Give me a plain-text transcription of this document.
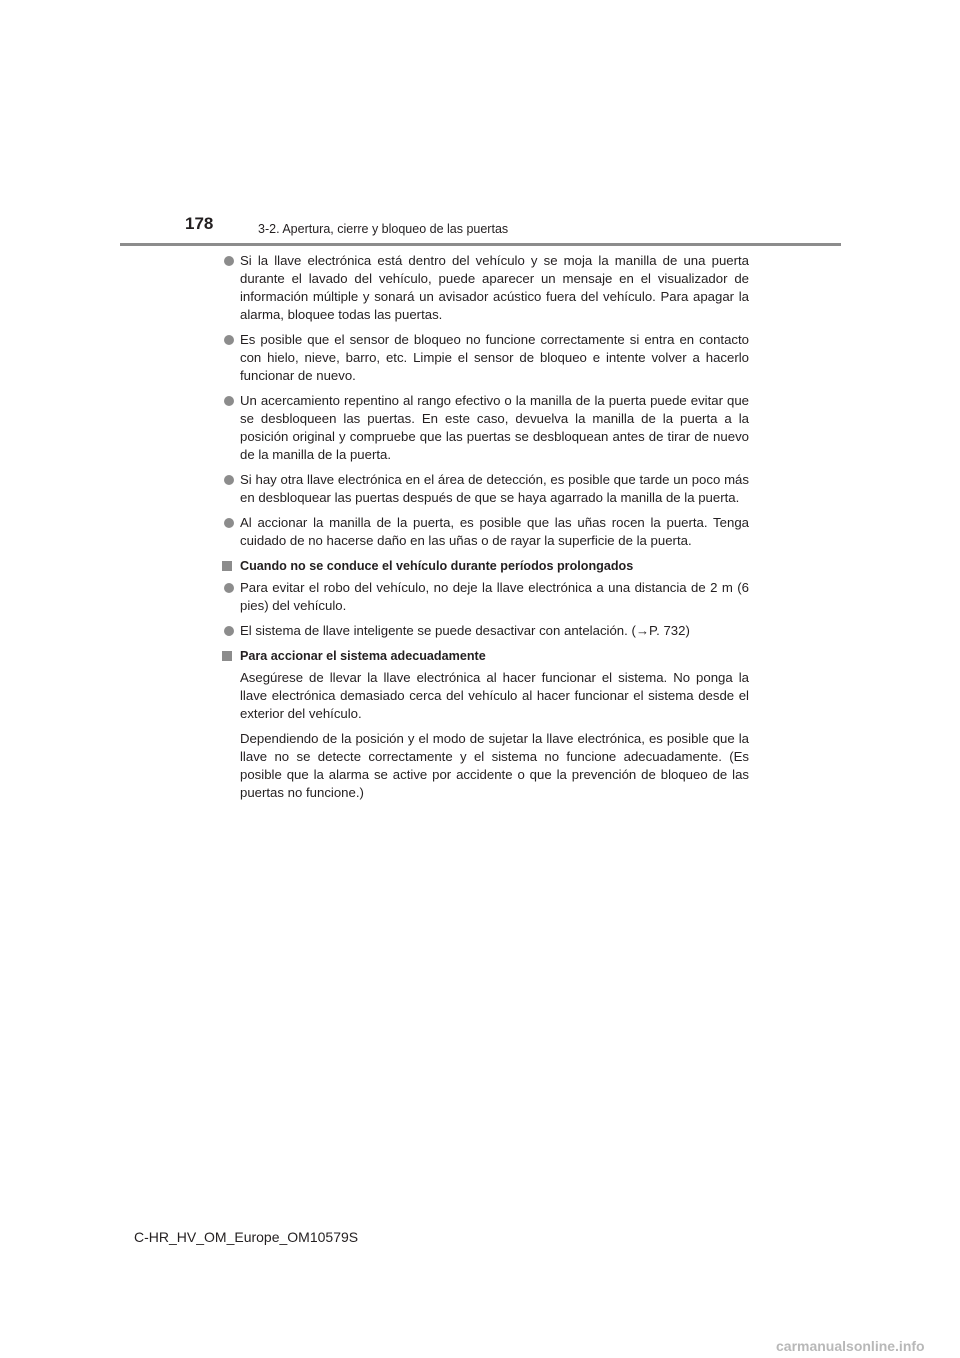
178	3-2. Apertura, cierre y bloqueo de las puertas
Si la llave electrónica está dentro del vehículo y se moja la manilla de una puerta durante el lavado del vehículo, puede aparecer un mensaje en el visualizador de información múltiple y sonará un avisador acústico fuera del vehículo. Para apagar la alarma, bloquee todas las puertas.
Es posible que el sensor de bloqueo no funcione correctamente si entra en contacto con hielo, nieve, barro, etc. Limpie el sensor de bloqueo e intente volver a hacerlo funcionar de nuevo.
Un acercamiento repentino al rango efectivo o la manilla de la puerta puede evitar que se desbloqueen las puertas. En este caso, devuelva la manilla de la puerta a la posición original y compruebe que las puertas se desbloquean antes de tirar de nuevo de la manilla de la puerta.
Si hay otra llave electrónica en el área de detección, es posible que tarde un poco más en desbloquear las puertas después de que se haya agarrado la manilla de la puerta.
Al accionar la manilla de la puerta, es posible que las uñas rocen la puerta. Tenga cuidado de no hacerse daño en las uñas o de rayar la superficie de la puerta.
Cuando no se conduce el vehículo durante períodos prolongados
Para evitar el robo del vehículo, no deje la llave electrónica a una distancia de 2 m (6 pies) del vehículo.
El sistema de llave inteligente se puede desactivar con antelación. (→P. 732)
Para accionar el sistema adecuadamente
Asegúrese de llevar la llave electrónica al hacer funcionar el sistema. No ponga la llave electrónica demasiado cerca del vehículo al hacer funcionar el sistema desde el exterior del vehículo.
Dependiendo de la posición y el modo de sujetar la llave electrónica, es posible que la llave no se detecte correctamente y el sistema no funcione adecuadamente. (Es posible que la alarma se active por accidente o que la prevención de bloqueo de las puertas no funcione.)
C-HR_HV_OM_Europe_OM10579S
carmanualsonline.info
